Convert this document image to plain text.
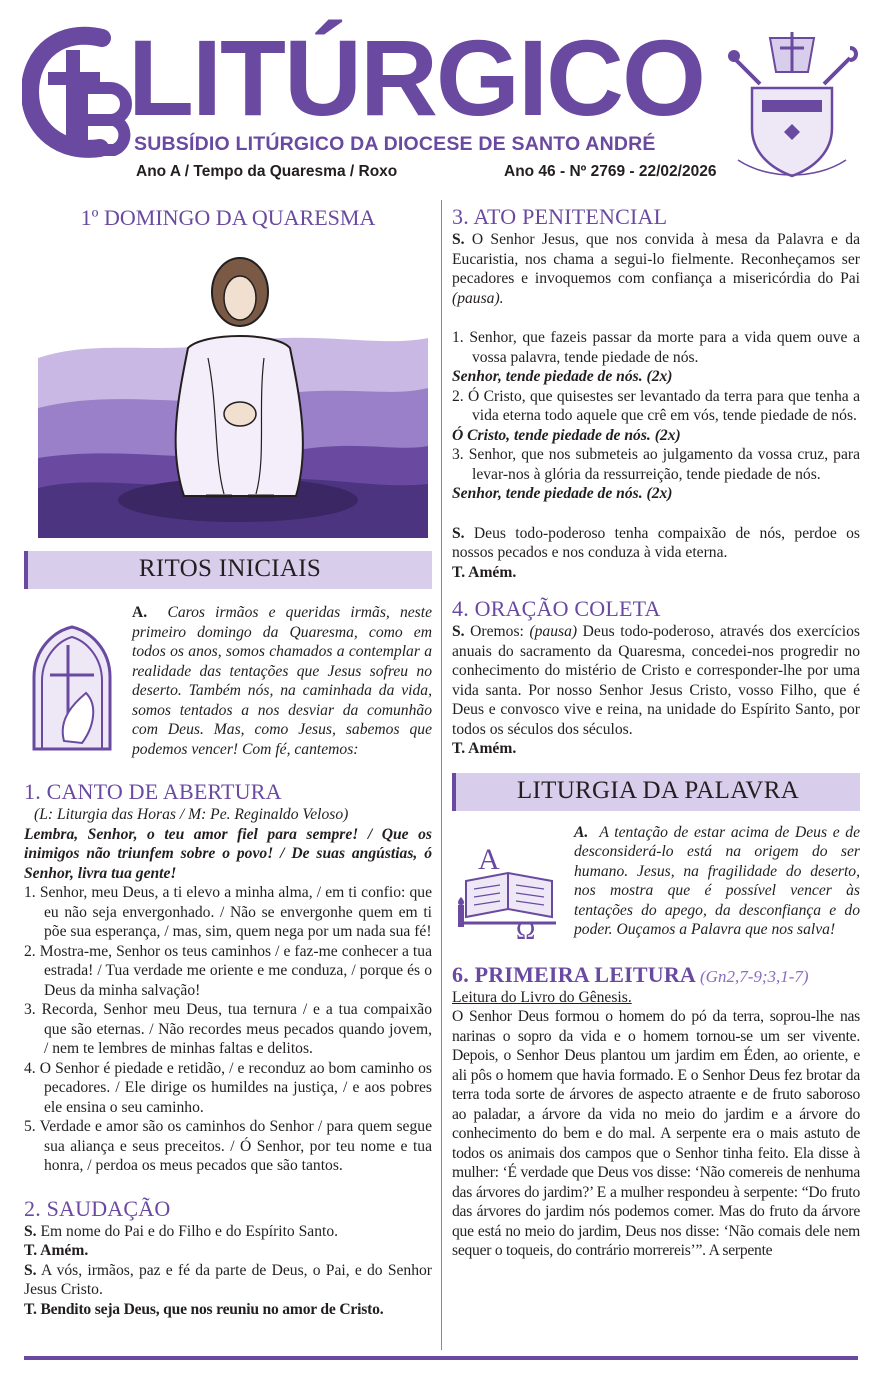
LITÚRGICO
SUBSÍDIO LITÚRGICO DA DIOCESE DE SANTO ANDRÉ
Ano A / Tempo da Quaresma / Roxo	Ano 46 - Nº 2769 - 22/02/2026
1º DOMINGO DA QUARESMA
RITOS INICIAIS
A. Caros irmãos e queridas irmãs, neste primeiro domingo da Quaresma, como em todos os anos, somos chamados a contemplar a realidade das tentações que Jesus sofreu no deserto. Também nós, na caminhada da vida, somos tentados a nos desviar da comunhão com Deus. Mas, como Jesus, sabemos que podemos vencer! Com fé, cantemos:
1. CANTO DE ABERTURA
(L: Liturgia das Horas / M: Pe. Reginaldo Veloso)
Lembra, Senhor, o teu amor fiel para sempre! / Que os inimigos não triunfem sobre o povo! / De suas angústias, ó Senhor, livra tua gente!
1. Senhor, meu Deus, a ti elevo a minha alma, / em ti confio: que eu não seja envergonhado. / Não se envergonhe quem em ti põe sua esperança, / mas, sim, quem nega por um nada sua fé!
2. Mostra-me, Senhor os teus caminhos / e faz-me conhecer a tua estrada! / Tua verdade me oriente e me conduza, / porque és o Deus da minha salvação!
3. Recorda, Senhor meu Deus, tua ternura / e a tua compaixão que são eternas. / Não recordes meus pecados quando jovem, / nem te lembres de minhas faltas e delitos.
4. O Senhor é piedade e retidão, / e reconduz ao bom caminho os pecadores. / Ele dirige os humildes na justiça, / e aos pobres ele ensina o seu caminho.
5. Verdade e amor são os caminhos do Senhor / para quem segue sua aliança e seus preceitos. / Ó Senhor, por teu nome e tua honra, / perdoa os meus pecados que são tantos.
2. SAUDAÇÃO
S. Em nome do Pai e do Filho e do Espírito Santo.
T. Amém.
S. A vós, irmãos, paz e fé da parte de Deus, o Pai, e do Senhor Jesus Cristo.
T. Bendito seja Deus, que nos reuniu no amor de Cristo.
3. ATO PENITENCIAL
S. O Senhor Jesus, que nos convida à mesa da Palavra e da Eucaristia, nos chama a segui-lo fielmente. Reconheçamos ser pecadores e invoquemos com confiança a misericórdia do Pai (pausa).
1. Senhor, que fazeis passar da morte para a vida quem ouve a vossa palavra, tende piedade de nós.
Senhor, tende piedade de nós. (2x)
2. Ó Cristo, que quisestes ser levantado da terra para que tenha a vida eterna todo aquele que crê em vós, tende piedade de nós.
Ó Cristo, tende piedade de nós. (2x)
3. Senhor, que nos submeteis ao julgamento da vossa cruz, para levar-nos à glória da ressurreição, tende piedade de nós.
Senhor, tende piedade de nós. (2x)
S. Deus todo-poderoso tenha compaixão de nós, perdoe os nossos pecados e nos conduza à vida eterna.
T. Amém.
4. ORAÇÃO COLETA
S. Oremos: (pausa) Deus todo-poderoso, através dos exercícios anuais do sacramento da Quaresma, concedei-nos progredir no conhecimento do mistério de Cristo e corresponder-lhe por uma vida santa. Por nosso Senhor Jesus Cristo, vosso Filho, que é Deus e convosco vive e reina, na unidade do Espírito Santo, por todos os séculos dos séculos.
T. Amém.
LITURGIA DA PALAVRA
A
Ω
A. A tentação de estar acima de Deus e de desconsiderá-lo está na origem do ser humano. Jesus, na fragilidade do deserto, nos mostra que é possível vencer às tentações do apego, da desconfiança e do poder. Ouçamos a Palavra que nos salva!
6. PRIMEIRA LEITURA (Gn2,7-9;3,1-7)
Leitura do Livro do Gênesis.
O Senhor Deus formou o homem do pó da terra, soprou-lhe nas narinas o sopro da vida e o homem tornou-se um ser vivente. Depois, o Senhor Deus plantou um jardim em Éden, ao oriente, e ali pôs o homem que havia formado. E o Senhor Deus fez brotar da terra toda sorte de árvores de aspecto atraente e de fruto saboroso ao paladar, a árvore da vida no meio do jardim e a árvore do conhecimento do bem e do mal. A serpente era o mais astuto de todos os animais dos campos que o Senhor tinha feito. Ela disse à mulher: ‘É verdade que Deus vos disse: ‘Não comereis de nenhuma das árvores do jardim?’ E a mulher respondeu à serpente: “Do fruto das árvores do jardim nós podemos comer. Mas do fruto da árvore que está no meio do jardim, Deus nos disse: ‘Não comais dele nem sequer o toqueis, do contrário morrereis’”. A serpente
